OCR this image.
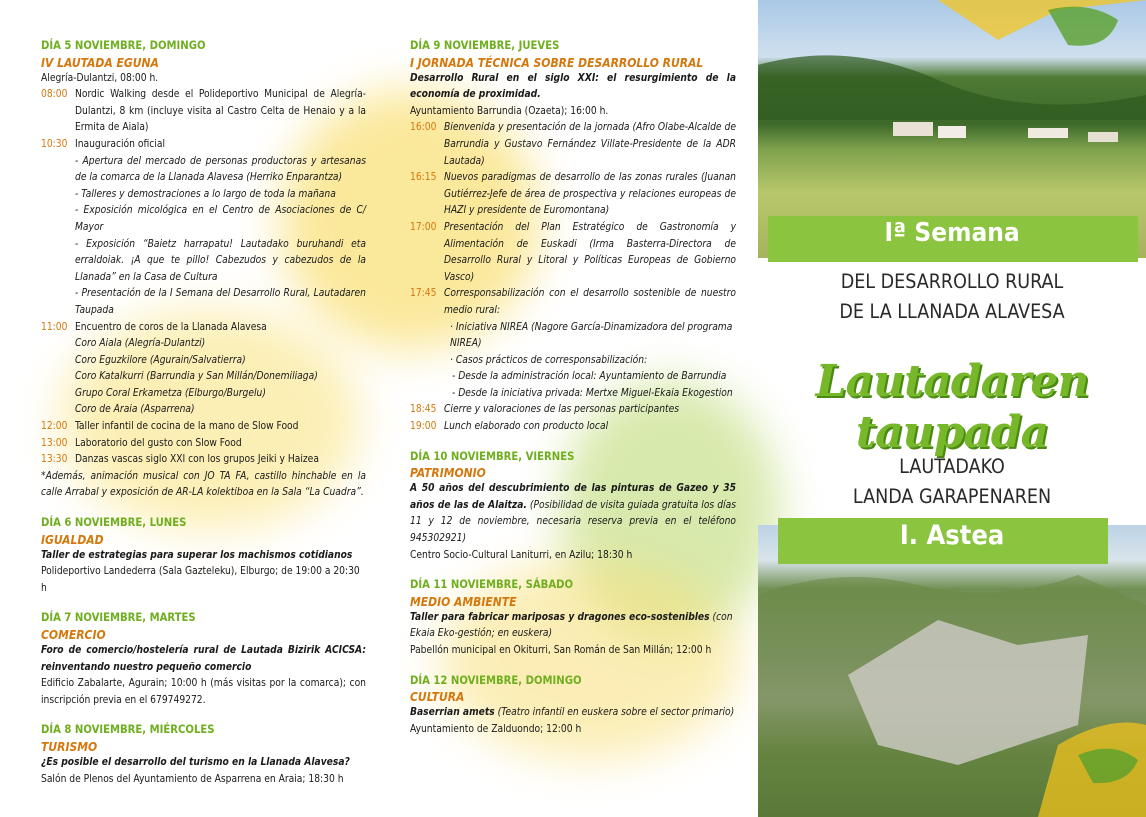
DÍA 5 NOVIEMBRE, DOMINGO
IV LAUTADA EGUNA
Alegría-Dulantzi, 08:00 h.
08:00 Nordic Walking desde el Polideportivo Municipal de Alegría-Dulantzi, 8 km (incluye visita al Castro Celta de Henaio y a la Ermita de Aiala)
10:30 Inauguración oficial
- Apertura del mercado de personas productoras y artesanas de la comarca de la Llanada Alavesa (Herriko Enparantza)
- Talleres y demostraciones a lo largo de toda la mañana
- Exposición micológica en el Centro de Asociaciones de C/ Mayor
- Exposición “Baietz harrapatu! Lautadako buruhandi eta erraldoiak. ¡A que te pillo! Cabezudos y cabezudos de la Llanada” en la Casa de Cultura
- Presentación de la I Semana del Desarrollo Rural, Lautadaren Taupada
11:00 Encuentro de coros de la Llanada Alavesa
Coro Aiala (Alegría-Dulantzi)
Coro Eguzkilore (Agurain/Salvatierra)
Coro Katalkurri (Barrundia y San Millán/Donemiliaga)
Grupo Coral Erkametza (Elburgo/Burgelu)
Coro de Araia (Asparrena)
12:00 Taller infantil de cocina de la mano de Slow Food
13:00 Laboratorio del gusto con Slow Food
13:30 Danzas vascas siglo XXI con los grupos Jeiki y Haizea
*Además, animación musical con JO TA FA, castillo hinchable en la calle Arrabal y exposición de AR-LA kolektiboa en la Sala “La Cuadra”.
DÍA 6 NOVIEMBRE, LUNES
IGUALDAD
Taller de estrategias para superar los machismos cotidianos
Polideportivo Landederra (Sala Gazteleku), Elburgo; de 19:00 a 20:30 h
DÍA 7 NOVIEMBRE, MARTES
COMERCIO
Foro de comercio/hostelería rural de Lautada Bizirik ACICSA: reinventando nuestro pequeño comercio
Edificio Zabalarte, Agurain; 10:00 h (más visitas por la comarca); con inscripción previa en el 679749272.
DÍA 8 NOVIEMBRE, MIÉRCOLES
TURISMO
¿Es posible el desarrollo del turismo en la Llanada Alavesa?
Salón de Plenos del Ayuntamiento de Asparrena en Araia; 18:30 h
DÍA 9 NOVIEMBRE, JUEVES
I JORNADA TÉCNICA SOBRE DESARROLLO RURAL
Desarrollo Rural en el siglo XXI: el resurgimiento de la economía de proximidad.
Ayuntamiento Barrundia (Ozaeta); 16:00 h.
16:00 Bienvenida y presentación de la jornada (Afro Olabe-Alcalde de Barrundia y Gustavo Fernández Villate-Presidente de la ADR Lautada)
16:15 Nuevos paradigmas de desarrollo de las zonas rurales (Juanan Gutiérrez-Jefe de área de prospectiva y relaciones europeas de HAZI y presidente de Euromontana)
17:00 Presentación del Plan Estratégico de Gastronomía y Alimentación de Euskadi (Irma Basterra-Directora de Desarrollo Rural y Litoral y Políticas Europeas de Gobierno Vasco)
17:45 Corresponsabilización con el desarrollo sostenible de nuestro medio rural:
· Iniciativa NIREA (Nagore García-Dinamizadora del programa NIREA)
· Casos prácticos de corresponsabilización:
- Desde la administración local: Ayuntamiento de Barrundia
- Desde la iniciativa privada: Mertxe Miguel-Ekaia Ekogestion
18:45 Cierre y valoraciones de las personas participantes
19:00 Lunch elaborado con producto local
DÍA 10 NOVIEMBRE, VIERNES
PATRIMONIO
A 50 años del descubrimiento de las pinturas de Gazeo y 35 años de las de Alaitza. (Posibilidad de visita guiada gratuita los días 11 y 12 de noviembre, necesaria reserva previa en el teléfono 945302921)
Centro Socio-Cultural Laniturri, en Azilu; 18:30 h
DÍA 11 NOVIEMBRE, SÁBADO
MEDIO AMBIENTE
Taller para fabricar mariposas y dragones eco-sostenibles (con Ekaia Eko-gestión; en euskera)
Pabellón municipal en Okiturri, San Román de San Millán; 12:00 h
DÍA 12 NOVIEMBRE, DOMINGO
CULTURA
Baserrian amets (Teatro infantil en euskera sobre el sector primario)
Ayuntamiento de Zalduondo; 12:00 h
Iª Semana
DEL DESARROLLO RURAL
DE LA LLANADA ALAVESA
Lautadaren taupada
LAUTADAKO
LANDA GARAPENAREN
I. Astea
